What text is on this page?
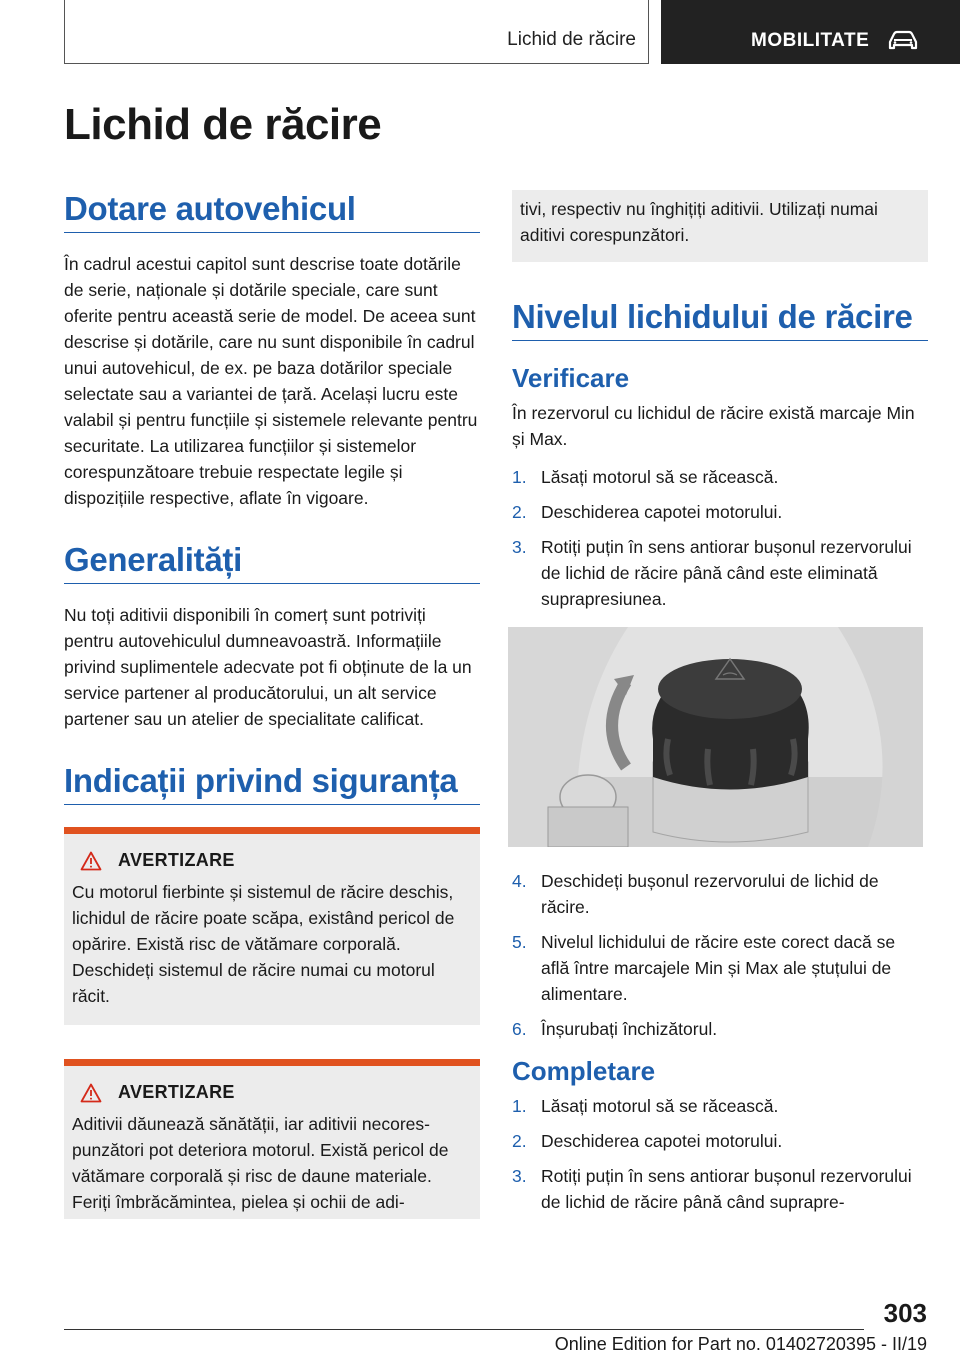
Lichid de răcire	MOBILITATE
Lichid de răcire
Dotare autovehicul

În cadrul acestui capitol sunt descrise toate dotările de serie, naționale și dotările speciale, care sunt oferite pentru această serie de model. De aceea sunt descrise și dotările, care nu sunt disponibile în cadrul unui autovehicul, de ex. pe baza dotărilor speciale selectate sau a variantei de țară. Același lucru este valabil și pentru funcțiile și sistemele relevante pentru securitate. La utilizarea funcțiilor și sistemelor corespunzătoare trebuie respectate legile și dispozițiile respective, aflate în vigoare.

Generalități

Nu toți aditivii disponibili în comerț sunt potriviți pentru autovehiculul dumneavoastră. Informațiile privind suplimentele adecvate pot fi obținute de la un service partener al producătorului, un alt service partener sau un atelier de specialitate calificat.

Indicații privind siguranța
AVERTIZARE

Cu motorul fierbinte și sistemul de răcire deschis, lichidul de răcire poate scăpa, existând pericol de opărire. Există risc de vătămare corporală. Deschideți sistemul de răcire numai cu motorul răcit.

AVERTIZARE

Aditivii dăunează sănătății, iar aditivii necorespunzători pot deteriora motorul. Există pericol de vătămare corporală și risc de daune materiale. Feriți îmbrăcămintea, pielea și ochii de adi-

tivi, respectiv nu înghițiți aditivii. Utilizați numai aditivi corespunzători.

Nivelul lichidului de răcire
Verificare

În rezervorul cu lichidul de răcire există marcaje Min și Max.

1. Lăsați motorul să se răcească.
2. Deschiderea capotei motorului.
3. Rotiți puțin în sens antiorar bușonul rezervorului de lichid de răcire până când este eliminată suprapresiunea.
4. Deschideți bușonul rezervorului de lichid de răcire.
5. Nivelul lichidului de răcire este corect dacă se află între marcajele Min și Max ale ștuțului de alimentare.
6. Înșurubați închizătorul.
Completare
1. Lăsați motorul să se răcească.
2. Deschiderea capotei motorului.
3. Rotiți puțin în sens antiorar bușonul rezervorului de lichid de răcire până când suprapre-
303
Online Edition for Part no. 01402720395 - II/19
